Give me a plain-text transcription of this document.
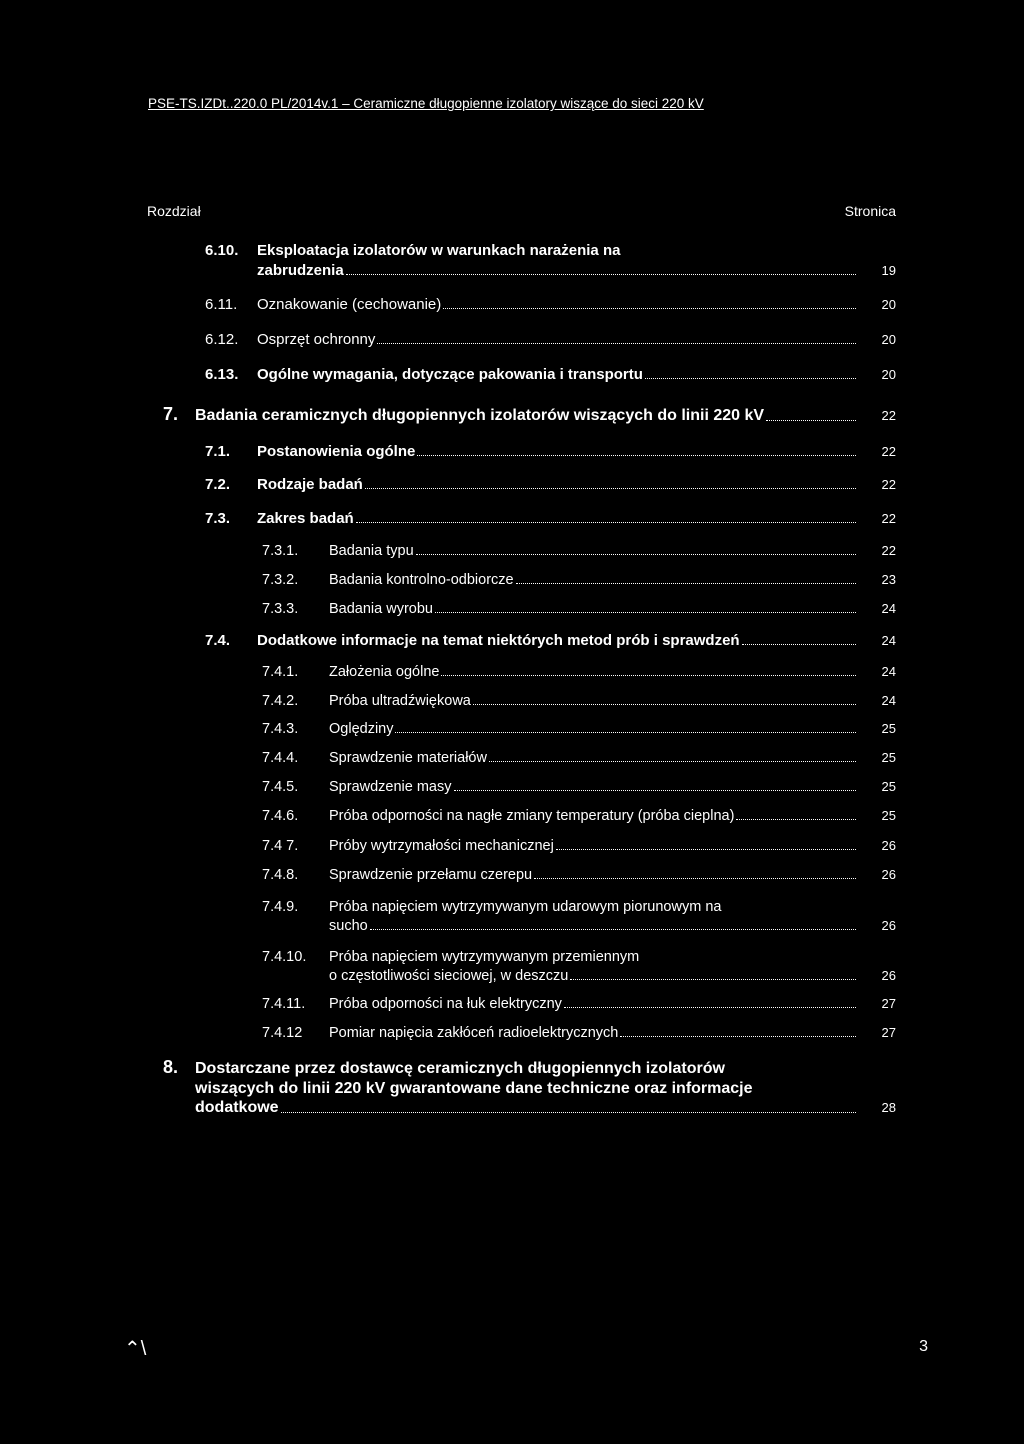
PSE-TS.IZDt..220.0 PL/2014v.1 – Ceramiczne długopienne izolatory wiszące do sieci 220 kV
Rozdział	Stronica
6.10.	Eksploatacja izolatorów w warunkach narażenia na
zabrudzenia	19
6.11.	Oznakowanie (cechowanie)	20
6.12.	Osprzęt ochronny	20
6.13.	Ogólne wymagania, dotyczące pakowania i transportu	20
7.	Badania ceramicznych długopiennych izolatorów wiszących do linii 220 kV	22
7.1.	Postanowienia ogólne	22
7.2.	Rodzaje badań	22
7.3.	Zakres badań	22
7.3.1.	Badania typu	22
7.3.2.	Badania kontrolno-odbiorcze	23
7.3.3.	Badania wyrobu	24
7.4.	Dodatkowe informacje na temat niektórych metod prób i sprawdzeń	24
7.4.1.	Założenia ogólne	24
7.4.2.	Próba ultradźwiękowa	24
7.4.3.	Oględziny	25
7.4.4.	Sprawdzenie materiałów	25
7.4.5.	Sprawdzenie masy	25
7.4.6.	Próba odporności na nagłe zmiany temperatury (próba cieplna)	25
7.4 7.	Próby wytrzymałości mechanicznej	26
7.4.8.	Sprawdzenie przełamu czerepu	26
7.4.9.	Próba napięciem wytrzymywanym udarowym piorunowym na
sucho	26
7.4.10.	Próba napięciem wytrzymywanym przemiennym
o częstotliwości sieciowej, w deszczu	26
7.4.11.	Próba odporności na łuk elektryczny	27
7.4.12	Pomiar napięcia zakłóceń radioelektrycznych	27
8.	Dostarczane przez dostawcę ceramicznych długopiennych izolatorów
wiszących do linii 220 kV gwarantowane dane techniczne oraz informacje
dodatkowe	28
⌃\	3
